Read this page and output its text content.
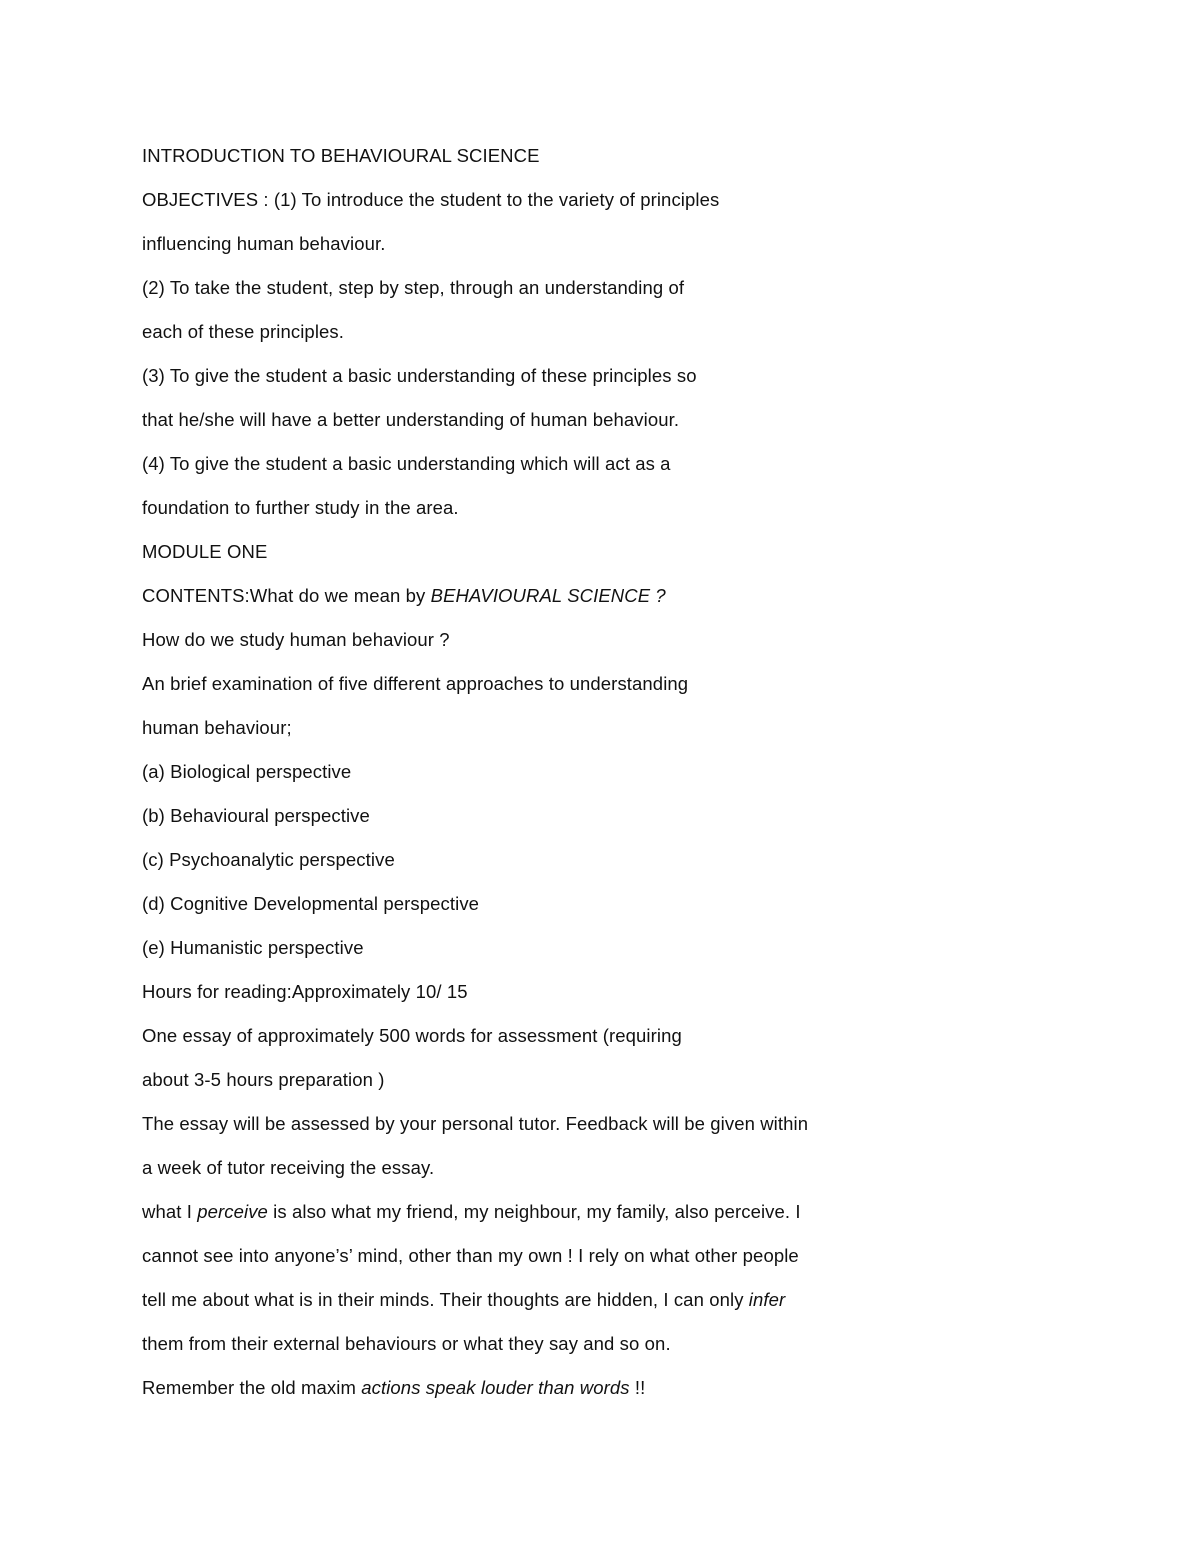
INTRODUCTION TO BEHAVIOURAL SCIENCE
OBJECTIVES : (1) To introduce the student to the variety of principles
influencing human behaviour.
(2) To take the student, step by step, through an understanding of
each of these principles.
(3) To give the student a basic understanding of these principles so
that he/she will have a better understanding of human behaviour.
(4) To give the student a basic understanding which will act as a
foundation to further study in the area.
MODULE ONE
CONTENTS:What do we mean by BEHAVIOURAL SCIENCE ?
How do we study human behaviour ?
An brief examination of five different approaches to understanding
human behaviour;
(a) Biological perspective
(b) Behavioural perspective
(c) Psychoanalytic perspective
(d) Cognitive Developmental perspective
(e) Humanistic perspective
Hours for reading:Approximately 10/ 15
One essay of approximately 500 words for assessment (requiring
about 3-5 hours preparation )
The essay will be assessed by your personal tutor. Feedback will be given within
a week of tutor receiving the essay.
what I perceive is also what my friend, my neighbour, my family, also perceive. I
cannot see into anyone’s’ mind, other than my own ! I rely on what other people
tell me about what is in their minds. Their thoughts are hidden, I can only infer
them from their external behaviours or what they say and so on.
Remember the old maxim actions speak louder than words !!
